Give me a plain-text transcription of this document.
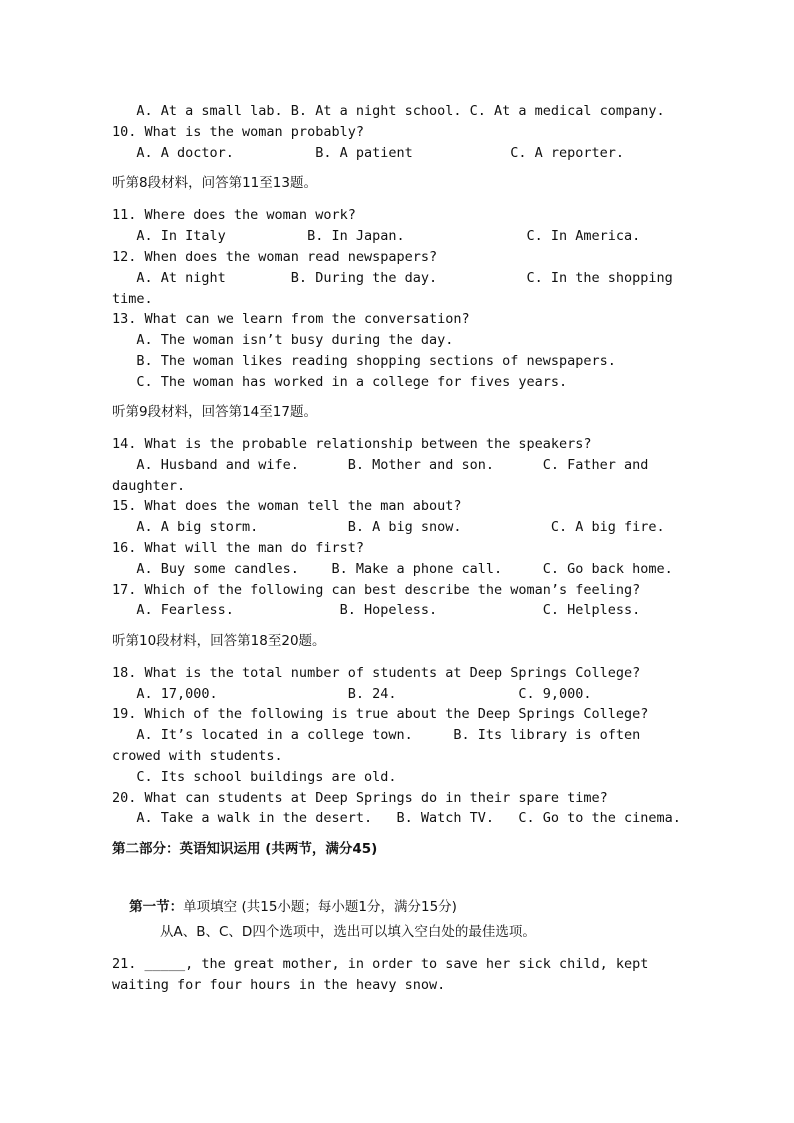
A. At a small lab. B. At a night school. C. At a medical company.
10. What is the woman probably?
A. A doctor.          B. A patient            C. A reporter.
听第8段材料，问答第11至13题。
11. Where does the woman work?
A. In Italy          B. In Japan.               C. In America.
12. When does the woman read newspapers?
A. At night        B. During the day.           C. In the shopping
time.
13. What can we learn from the conversation?
A. The woman isn’t busy during the day.
B. The woman likes reading shopping sections of newspapers.
C. The woman has worked in a college for fives years.
听第9段材料，回答第14至17题。
14. What is the probable relationship between the speakers?
A. Husband and wife.      B. Mother and son.      C. Father and
daughter.
15. What does the woman tell the man about?
A. A big storm.           B. A big snow.           C. A big fire.
16. What will the man do first?
A. Buy some candles.    B. Make a phone call.     C. Go back home.
17. Which of the following can best describe the woman’s feeling?
A. Fearless.             B. Hopeless.             C. Helpless.
听第10段材料，回答第18至20题。
18. What is the total number of students at Deep Springs College?
A. 17,000.                B. 24.               C. 9,000.
19. Which of the following is true about the Deep Springs College?
A. It’s located in a college town.     B. Its library is often
crowed with students.
C. Its school buildings are old.
20. What can students at Deep Springs do in their spare time?
A. Take a walk in the desert.   B. Watch TV.   C. Go to the cinema.
第二部分：英语知识运用 (共两节，满分45)

第一节：单项填空 (共15小题；每小题1分，满分15分)

从A、B、C、D四个选项中，选出可以填入空白处的最佳选项。
21. _____, the great mother, in order to save her sick child, kept
waiting for four hours in the heavy snow.
